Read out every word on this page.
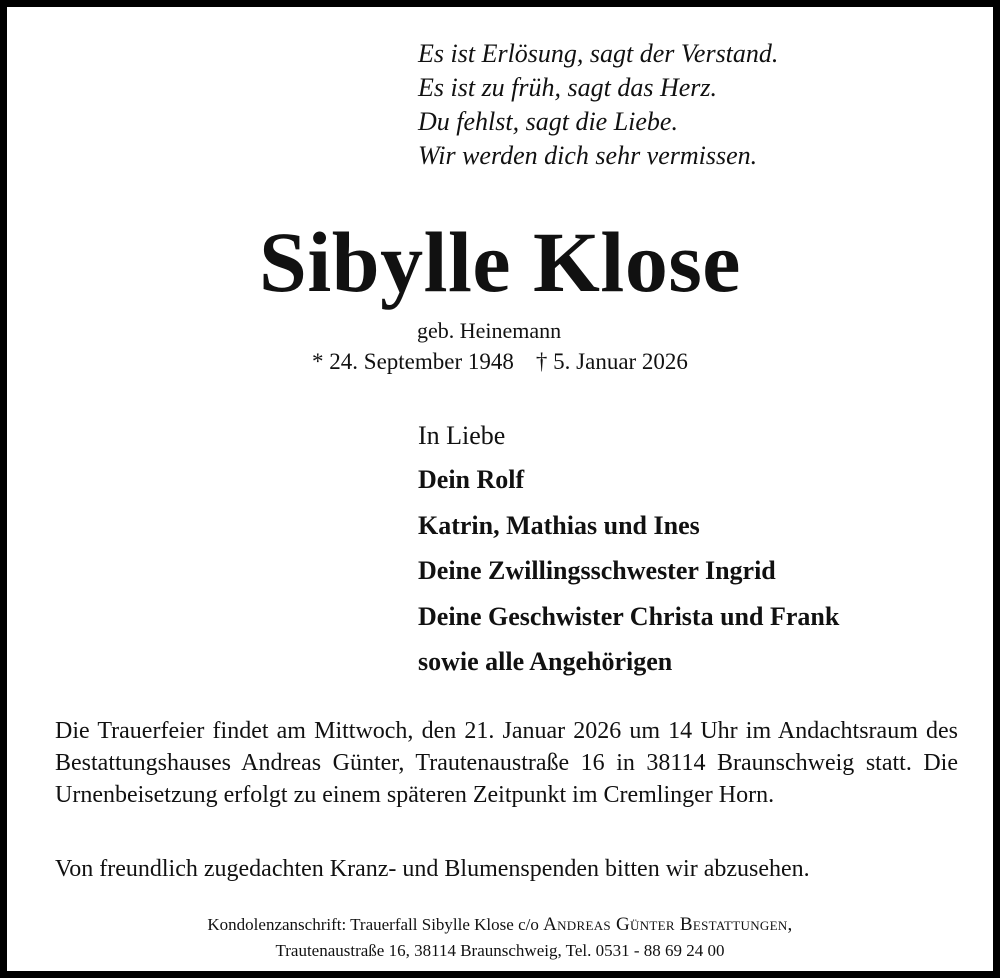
Es ist Erlösung, sagt der Verstand.
Es ist zu früh, sagt das Herz.
Du fehlst, sagt die Liebe.
Wir werden dich sehr vermissen.
Sibylle Klose
geb. Heinemann
* 24. September 1948 † 5. Januar 2026
In Liebe
Dein Rolf
Katrin, Mathias und Ines
Deine Zwillingsschwester Ingrid
Deine Geschwister Christa und Frank
sowie alle Angehörigen
Die Trauerfeier findet am Mittwoch, den 21. Januar 2026 um 14 Uhr im Andachtsraum des Bestattungshauses Andreas Günter, Trautenaustraße 16 in 38114 Braunschweig statt. Die Urnenbeisetzung erfolgt zu einem späteren Zeitpunkt im Cremlinger Horn.
Von freundlich zugedachten Kranz- und Blumenspenden bitten wir abzusehen.
Kondolenzanschrift: Trauerfall Sibylle Klose c/o Andreas Günter Bestattungen,
Trautenaustraße 16, 38114 Braunschweig, Tel. 0531 - 88 69 24 00
